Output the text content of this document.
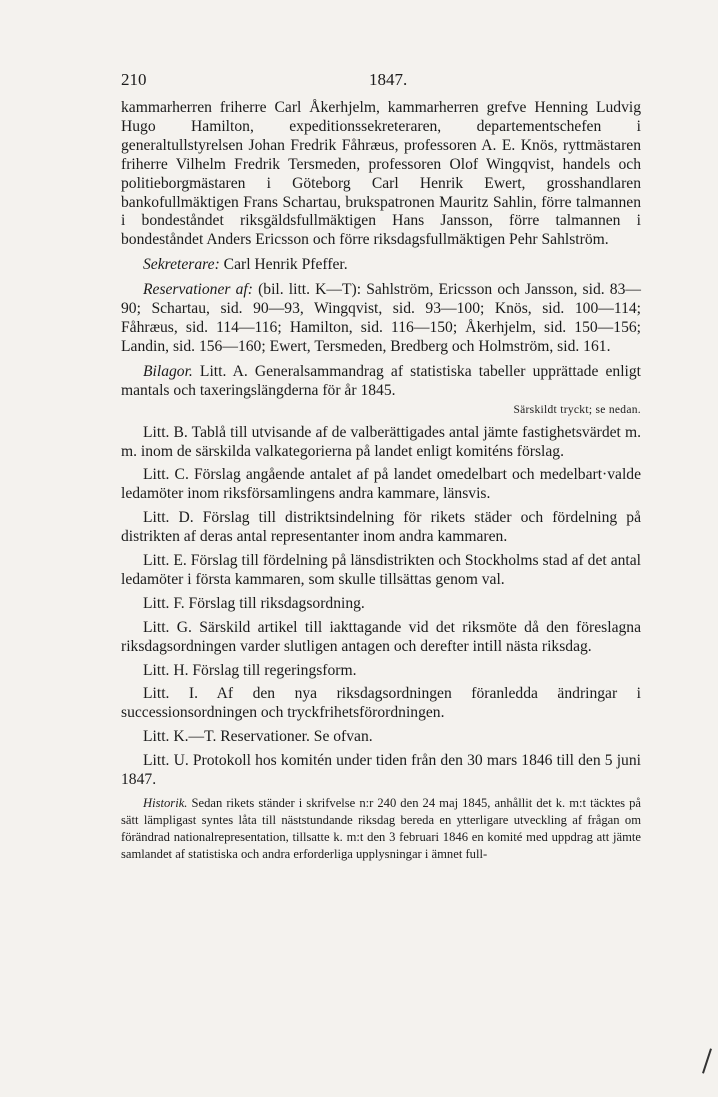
210	1847.

kammarherren friherre Carl Åkerhjelm, kammarherren grefve Henning Ludvig Hugo Hamilton, expeditionssekreteraren, departementschefen i generaltullstyrelsen Johan Fredrik Fåhræus, professoren A. E. Knös, ryttmästaren friherre Vilhelm Fredrik Tersmeden, professoren Olof Wingqvist, handels och politieborgmästaren i Göteborg Carl Henrik Ewert, grosshandlaren bankofullmäktigen Frans Schartau, brukspatronen Mauritz Sahlin, förre talmannen i bondeståndet riksgäldsfullmäktigen Hans Jansson, förre talmannen i bondeståndet Anders Ericsson och förre riksdagsfullmäktigen Pehr Sahlström.

Sekreterare: Carl Henrik Pfeffer.

Reservationer af: (bil. litt. K—T): Sahlström, Ericsson och Jansson, sid. 83—90; Schartau, sid. 90—93, Wingqvist, sid. 93—100; Knös, sid. 100—114; Fåhræus, sid. 114—116; Hamilton, sid. 116—150; Åkerhjelm, sid. 150—156; Landin, sid. 156—160; Ewert, Tersmeden, Bredberg och Holmström, sid. 161.

Bilagor. Litt. A. Generalsammandrag af statistiska tabeller upprättade enligt mantals och taxeringslängderna för år 1845.

Särskildt tryckt; se nedan.

Litt. B. Tablå till utvisande af de valberättigades antal jämte fastighetsvärdet m. m. inom de särskilda valkategorierna på landet enligt komiténs förslag.

Litt. C. Förslag angående antalet af på landet omedelbart och medelbart·valde ledamöter inom riksförsamlingens andra kammare, länsvis.

Litt. D. Förslag till distriktsindelning för rikets städer och fördelning på distrikten af deras antal representanter inom andra kammaren.

Litt. E. Förslag till fördelning på länsdistrikten och Stockholms stad af det antal ledamöter i första kammaren, som skulle tillsättas genom val.

Litt. F. Förslag till riksdagsordning.

Litt. G. Särskild artikel till iakttagande vid det riksmöte då den föreslagna riksdagsordningen varder slutligen antagen och derefter intill nästa riksdag.

Litt. H. Förslag till regeringsform.

Litt. I. Af den nya riksdagsordningen föranledda ändringar i successionsordningen och tryckfrihetsförordningen.

Litt. K.—T. Reservationer. Se ofvan.

Litt. U. Protokoll hos komitén under tiden från den 30 mars 1846 till den 5 juni 1847.

Historik. Sedan rikets ständer i skrifvelse n:r 240 den 24 maj 1845, anhållit det k. m:t täcktes på sätt lämpligast syntes låta till näststundande riksdag bereda en ytterligare utveckling af frågan om förändrad nationalrepresentation, tillsatte k. m:t den 3 februari 1846 en komité med uppdrag att jämte samlandet af statistiska och andra erforderliga upplysningar i ämnet full-
